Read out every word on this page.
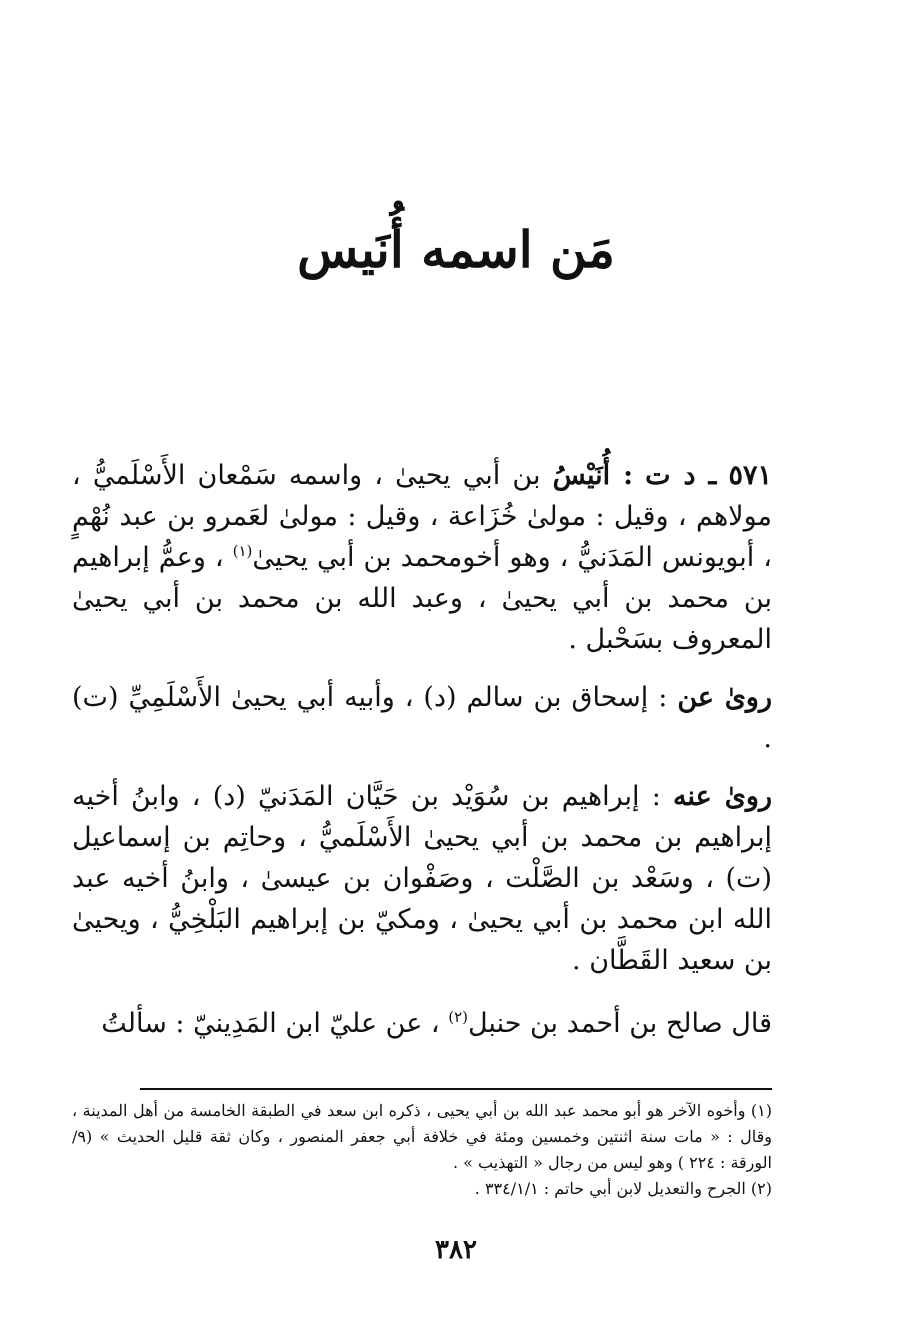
مَن اسمه أُنَيس

٥٧١ ـ د ت : أُنَيْسُ بن أبي يحيىٰ ، واسمه سَمْعان الأَسْلَميُّ ، مولاهم ، وقيل : مولىٰ خُزَاعة ، وقيل : مولىٰ لعَمرو بن عبد نُهْمٍ ، أبويونس المَدَنيُّ ، وهو أخومحمد بن أبي يحيىٰ$^{(١)}$ ، وعمُّ إبراهيم بن محمد بن أبي يحيىٰ ، وعبد الله بن محمد بن أبي يحيىٰ المعروف بسَحْبل .

روىٰ عن : إسحاق بن سالم (د) ، وأبيه أبي يحيىٰ الأَسْلَمِيِّ (ت) .

روىٰ عنه : إبراهيم بن سُوَيْد بن حَيَّان المَدَنيّ (د) ، وابنُ أخيه إبراهيم بن محمد بن أبي يحيىٰ الأَسْلَميُّ ، وحاتِم بن إسماعيل (ت) ، وسَعْد بن الصَّلْت ، وصَفْوان بن عيسىٰ ، وابنُ أخيه عبد الله ابن محمد بن أبي يحيىٰ ، ومكيّ بن إبراهيم البَلْخِيُّ ، ويحيىٰ بن سعيد القَطَّان .

قال صالح بن أحمد بن حنبل$^{(٢)}$ ، عن عليّ ابن المَدِينيّ : سألتُ

(١) وأخوه الآخر هو أبو محمد عبد الله بن أبي يحيى ، ذكره ابن سعد في الطبقة الخامسة من أهل المدينة ، وقال : « مات سنة اثنتين وخمسين ومئة في خلافة أبي جعفر المنصور ، وكان ثقة قليل الحديث » (٩/ الورقة : ٢٢٤ ) وهو ليس من رجال « التهذيب » .

(٢) الجرح والتعديل لابن أبي حاتم : ٣٣٤/١/١ .

٣٨٢
